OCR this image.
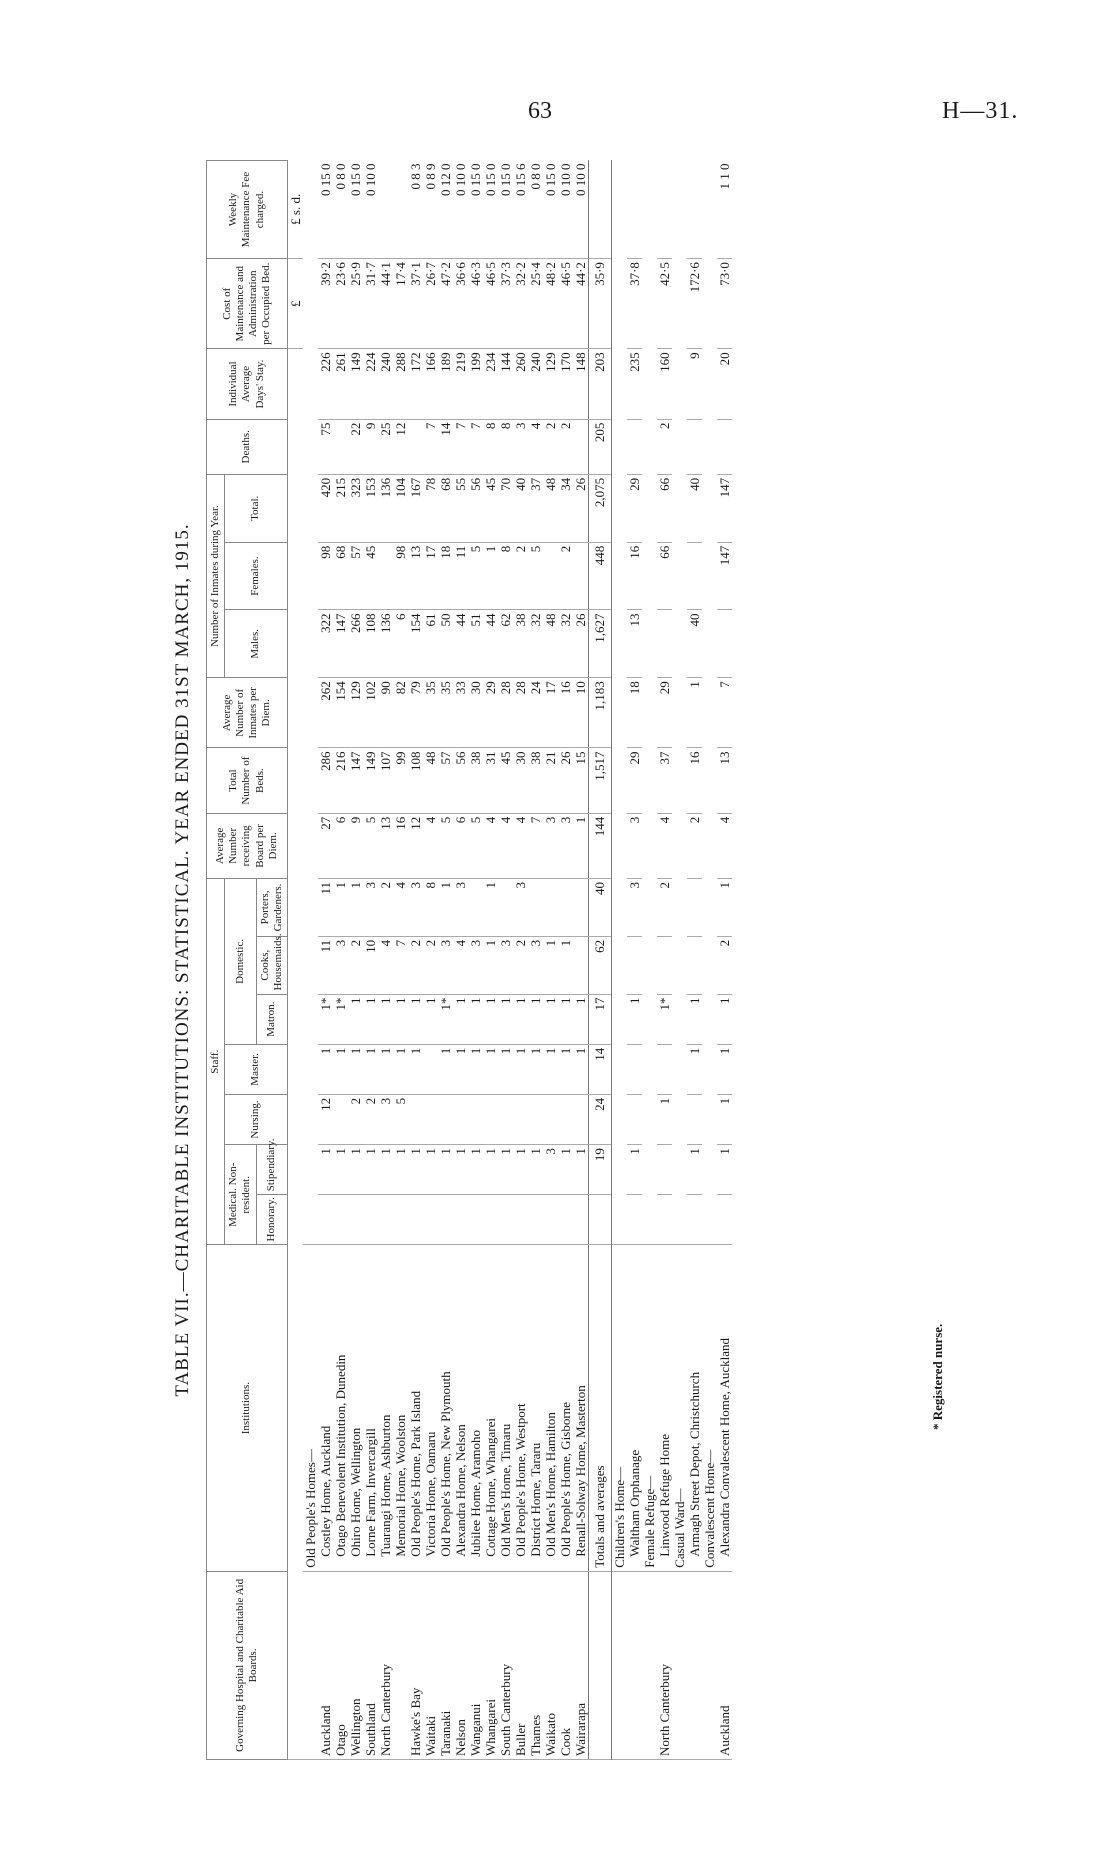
63	H—31.
TABLE VII.—CHARITABLE INSTITUTIONS: STATISTICAL. YEAR ENDED 31ST MARCH, 1915.
Governing Hospital and Charitable Aid Boards.	Institutions.	Staff.							Average Number receiving Board per Diem.	Total Number of Beds.	Average Number of Inmates per Diem.	Number of Inmates during Year.			Deaths.	Individual Average Days' Stay.	Cost of Maintenance and Administration per Occupied Bed.	Weekly Maintenance Fee charged.
		Medical. Non-resident.		Nursing.	Master.	Domestic.						Males.	Females.	Total.				
		Honorary.	Stipendiary.			Matron.	Cooks, Housemaids.	Porters, Gardeners.										
																	£	£ s. d.
	Old People's Homes—																	
Auckland	Costley Home, Auckland		1	12	1	1*	11	11	27	286	262	322	98	420	75	226	39·2	0 15 0
Otago	Otago Benevolent Institution, Dunedin		1		1	1*	3	1	6	216	154	147	68	215		261	23·6	0 8 0
Wellington	Ohiro Home, Wellington		1	2	1	1	2	1	9	147	129	266	57	323	22	149	25·9	0 15 0
Southland	Lorne Farm, Invercargill		1	2	1	1	10	3	5	149	102	108	45	153	9	224	31·7	0 10 0
North Canterbury	Tuarangi Home, Ashburton		1	3	1	1	4	2	13	107	90	136		136	25	240	44·1	
	Memorial Home, Woolston		1	5	1	1	7	4	16	99	82	6	98	104	12	288	17·4	
Hawke's Bay	Old People's Home, Park Island		1		1	1	2	3	12	108	79	154	13	167		172	37·1	0 8 3
Waitaki	Victoria Home, Oamaru		1			1	2	8	4	48	35	61	17	78	7	166	26·7	0 8 9
Taranaki	Old People's Home, New Plymouth		1		1	1*	3	1	5	57	35	50	18	68	14	189	47·2	0 12 0
Nelson	Alexandra Home, Nelson		1		1	1	4	3	6	56	33	44	11	55	7	219	36·6	0 10 0
Wanganui	Jubilee Home, Aramoho		1		1	1	3		5	38	30	51	5	56	7	199	46·3	0 15 0
Whangarei	Cottage Home, Whangarei		1		1	1	1	1	4	31	29	44	1	45	8	234	46·5	0 15 0
South Canterbury	Old Men's Home, Timaru		1		1	1	3		4	45	28	62	8	70	8	144	37·3	0 15 0
Buller	Old People's Home, Westport		1		1	1	2	3	4	30	28	38	2	40	3	260	32·2	0 15 6
Thames	District Home, Tararu		1		1	1	3		7	38	24	32	5	37	4	240	25·4	0 8 0
Waikato	Old Men's Home, Hamilton		3		1	1	1		3	21	17	48		48	2	129	48·2	0 15 0
Cook	Old People's Home, Gisborne		1		1	1	1		3	26	16	32	2	34	2	170	46·5	0 10 0
Wairarapa	Renall-Solway Home, Masterton		1		1	1			1	15	10	26		26		148	44·2	0 10 0
	Totals and averages		19	24	14	17	62	40	144	1,517	1,183	1,627	448	2,075	205	203	35·9	
	Children's Home—																	
	Waltham Orphanage		1			1		3	3	29	18	13	16	29		235	37·8	
	Female Refuge—																	
North Canterbury	Linwood Refuge Home			1		1*		2	4	37	29		66	66	2	160	42·5	
	Casual Ward—																	
	Armagh Street Depot, Christchurch		1		1	1			2	16	1	40		40		9	172·6	
	Convalescent Home—																	
Auckland	Alexandra Convalescent Home, Auckland		1	1	1	1	2	1	4	13	7		147	147		20	73·0	1 1 0
* Registered nurse.
